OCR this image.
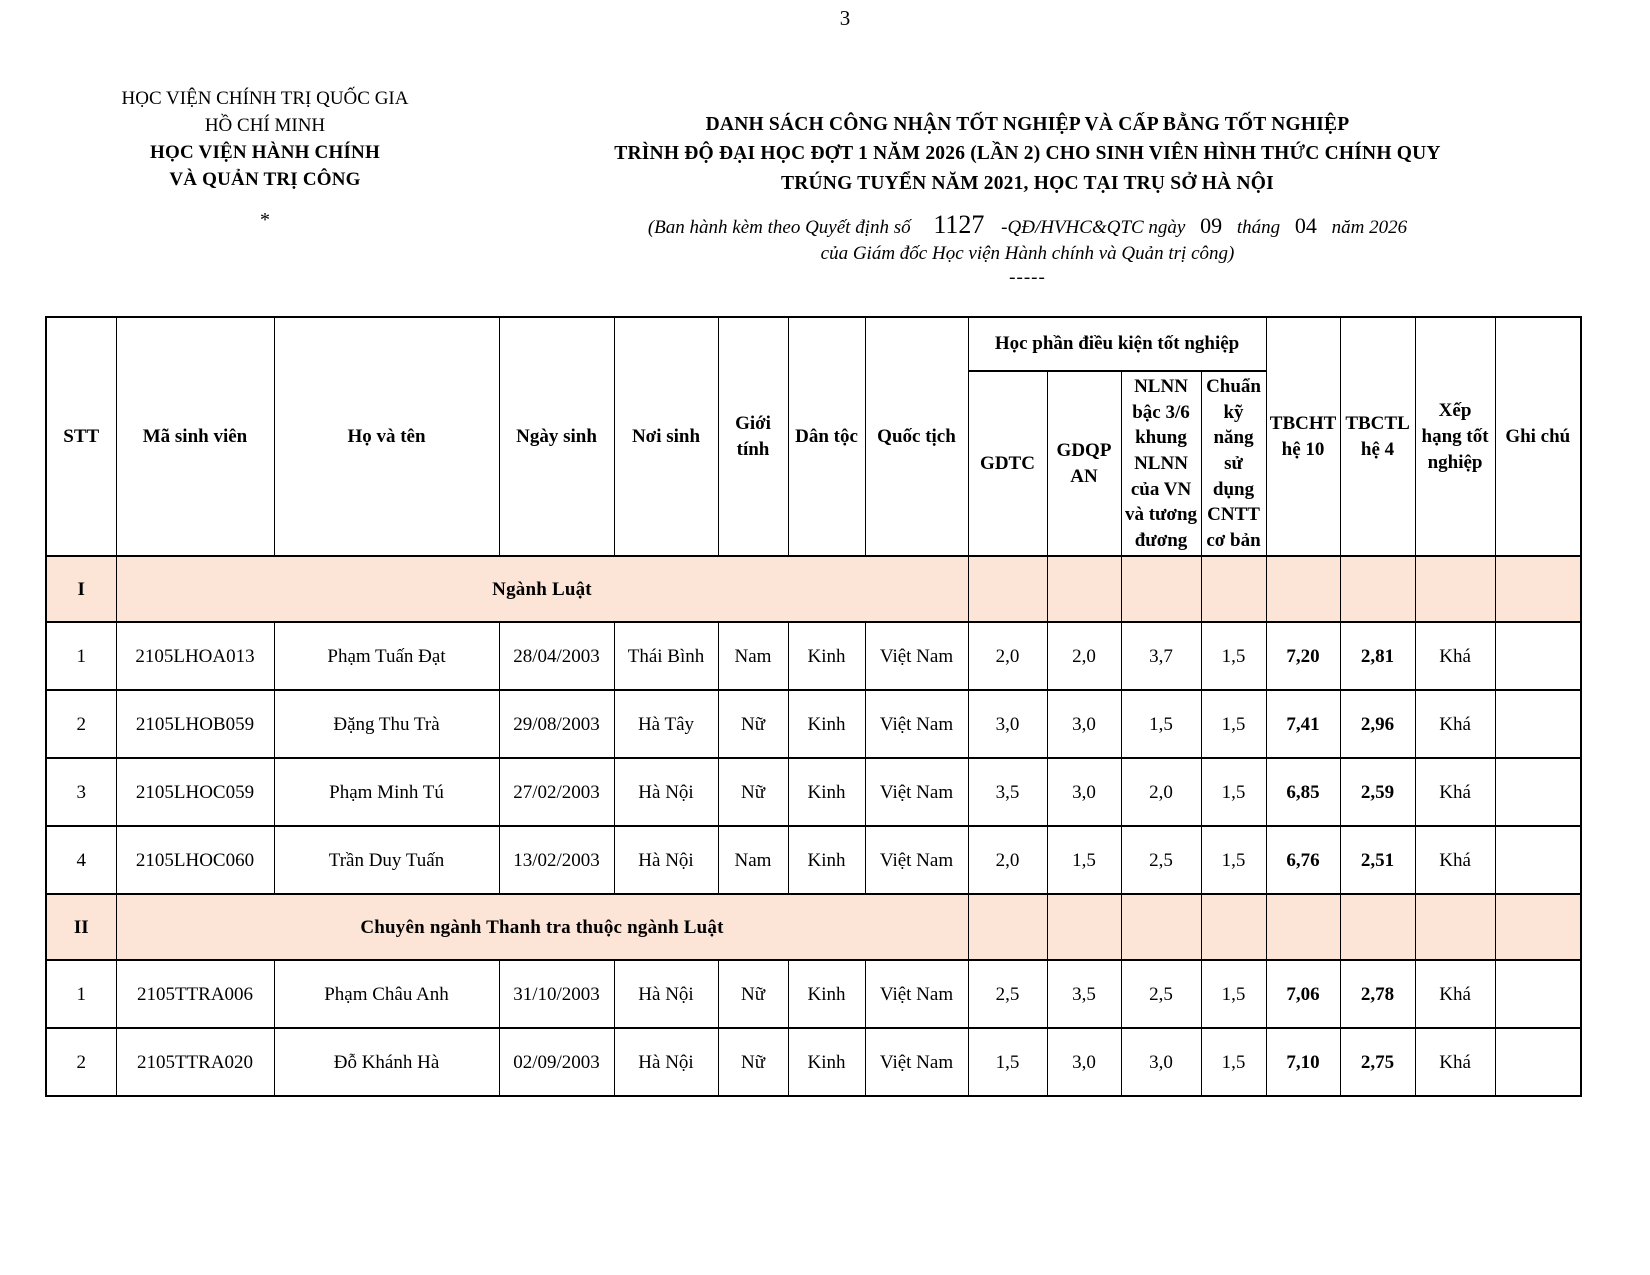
3
HỌC VIỆN CHÍNH TRỊ QUỐC GIA
HỒ CHÍ MINH
HỌC VIỆN HÀNH CHÍNH
VÀ QUẢN TRỊ CÔNG
*
DANH SÁCH CÔNG NHẬN TỐT NGHIỆP VÀ CẤP BẰNG TỐT NGHIỆP
TRÌNH ĐỘ ĐẠI HỌC ĐỢT 1 NĂM 2026 (LẦN 2) CHO SINH VIÊN HÌNH THỨC CHÍNH QUY
TRÚNG TUYỂN NĂM 2021, HỌC TẠI TRỤ SỞ HÀ NỘI
(Ban hành kèm theo Quyết định số 1127 -QĐ/HVHC&QTC ngày 09 tháng 04 năm 2026
của Giám đốc Học viện Hành chính và Quản trị công)
-----
STT	Mã sinh viên	Họ và tên	Ngày sinh	Nơi sinh	Giới tính	Dân tộc	Quốc tịch	Học phần điều kiện tốt nghiệp				TBCHT hệ 10	TBCTL hệ 4	Xếp hạng tốt nghiệp	Ghi chú
								GDTC	GDQP AN	NLNN bậc 3/6 khung NLNN của VN và tương đương	Chuẩn kỹ năng sử dụng CNTT cơ bản				
I	Ngành Luật														
1	2105LHOA013	Phạm Tuấn Đạt	28/04/2003	Thái Bình	Nam	Kinh	Việt Nam	2,0	2,0	3,7	1,5	7,20	2,81	Khá	
2	2105LHOB059	Đặng Thu Trà	29/08/2003	Hà Tây	Nữ	Kinh	Việt Nam	3,0	3,0	1,5	1,5	7,41	2,96	Khá	
3	2105LHOC059	Phạm Minh Tú	27/02/2003	Hà Nội	Nữ	Kinh	Việt Nam	3,5	3,0	2,0	1,5	6,85	2,59	Khá	
4	2105LHOC060	Trần Duy Tuấn	13/02/2003	Hà Nội	Nam	Kinh	Việt Nam	2,0	1,5	2,5	1,5	6,76	2,51	Khá	
II	Chuyên ngành Thanh tra thuộc ngành Luật														
1	2105TTRA006	Phạm Châu Anh	31/10/2003	Hà Nội	Nữ	Kinh	Việt Nam	2,5	3,5	2,5	1,5	7,06	2,78	Khá	
2	2105TTRA020	Đỗ Khánh Hà	02/09/2003	Hà Nội	Nữ	Kinh	Việt Nam	1,5	3,0	3,0	1,5	7,10	2,75	Khá	
